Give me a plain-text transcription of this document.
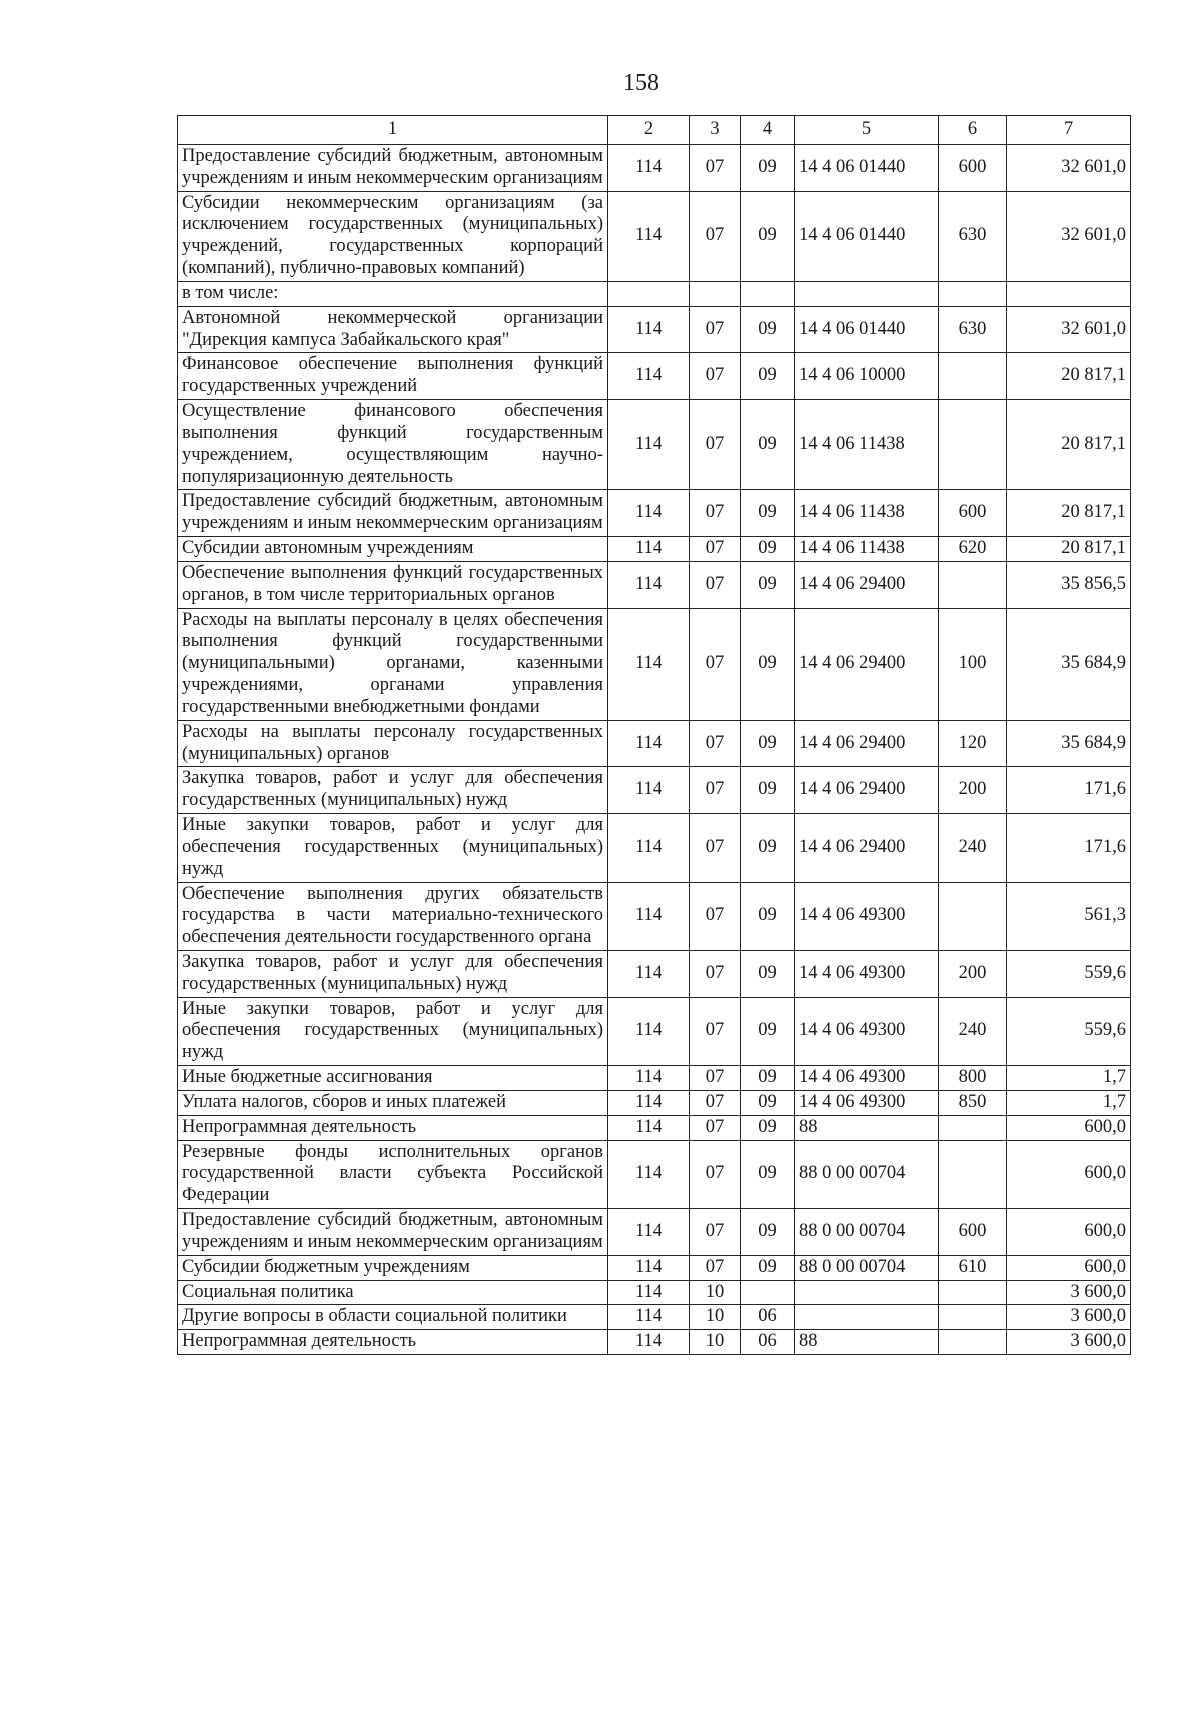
158
1	2	3	4	5	6	7
Предоставление субсидий бюджетным, автономным учреждениям и иным некоммерческим организациям	114	07	09	14 4 06 01440	600	32 601,0
Субсидии некоммерческим организациям (за исключением государственных (муниципальных) учреждений, государственных корпораций (компаний), публично-правовых компаний)	114	07	09	14 4 06 01440	630	32 601,0
в том числе:						
Автономной некоммерческой организации "Дирекция кампуса Забайкальского края"	114	07	09	14 4 06 01440	630	32 601,0
Финансовое обеспечение выполнения функций государственных учреждений	114	07	09	14 4 06 10000		20 817,1
Осуществление финансового обеспечения выполнения функций государственным учреждением, осуществляющим научно-популяризационную деятельность	114	07	09	14 4 06 11438		20 817,1
Предоставление субсидий бюджетным, автономным учреждениям и иным некоммерческим организациям	114	07	09	14 4 06 11438	600	20 817,1
Субсидии автономным учреждениям	114	07	09	14 4 06 11438	620	20 817,1
Обеспечение выполнения функций государственных органов, в том числе территориальных органов	114	07	09	14 4 06 29400		35 856,5
Расходы на выплаты персоналу в целях обеспечения выполнения функций государственными (муниципальными) органами, казенными учреждениями, органами управления государственными внебюджетными фондами	114	07	09	14 4 06 29400	100	35 684,9
Расходы на выплаты персоналу государственных (муниципальных) органов	114	07	09	14 4 06 29400	120	35 684,9
Закупка товаров, работ и услуг для обеспечения государственных (муниципальных) нужд	114	07	09	14 4 06 29400	200	171,6
Иные закупки товаров, работ и услуг для обеспечения государственных (муниципальных) нужд	114	07	09	14 4 06 29400	240	171,6
Обеспечение выполнения других обязательств государства в части материально-технического обеспечения деятельности государственного органа	114	07	09	14 4 06 49300		561,3
Закупка товаров, работ и услуг для обеспечения государственных (муниципальных) нужд	114	07	09	14 4 06 49300	200	559,6
Иные закупки товаров, работ и услуг для обеспечения государственных (муниципальных) нужд	114	07	09	14 4 06 49300	240	559,6
Иные бюджетные ассигнования	114	07	09	14 4 06 49300	800	1,7
Уплата налогов, сборов и иных платежей	114	07	09	14 4 06 49300	850	1,7
Непрограммная деятельность	114	07	09	88		600,0
Резервные фонды исполнительных органов государственной власти субъекта Российской Федерации	114	07	09	88 0 00 00704		600,0
Предоставление субсидий бюджетным, автономным учреждениям и иным некоммерческим организациям	114	07	09	88 0 00 00704	600	600,0
Субсидии бюджетным учреждениям	114	07	09	88 0 00 00704	610	600,0
Социальная политика	114	10				3 600,0
Другие вопросы в области социальной политики	114	10	06			3 600,0
Непрограммная деятельность	114	10	06	88		3 600,0
